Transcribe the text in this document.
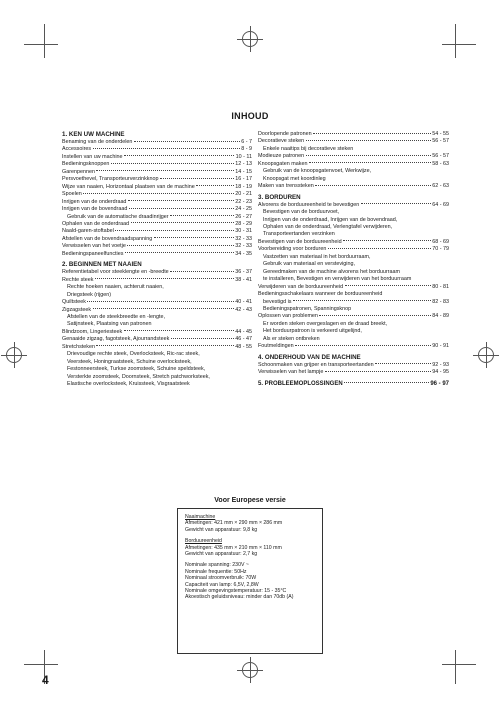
INHOUD
1. KEN UW MACHINE
Benaming van de onderdelen	6 - 7
Accessoires	8 - 9
Instellen van uw machine	10 - 11
Bedieningsknoppen	12 - 13
Garenpennen	14 - 15
Persvoethevel, Transporteurverzinkknop	16 - 17
Wijze van naaien, Horizontaal plaatsen van de machine	18 - 19
Spoelen	20 - 21
Inrijgen van de onderdraad	22 - 23
Inrijgen van de bovendraad	24 - 25
Gebruik van de automatische draadinrijger	26 - 27
Ophalen van de onderdraad	28 - 29
Naald-garen-stoftabel	30 - 31
Afstellen van de bovendraadspanning	32 - 33
Verwisselen van het voetje	32 - 33
Bedieningspaneelfuncties	34 - 35
2. BEGINNEN MET NAAIEN
Referentietabel voor steeklengte en -breedte	36 - 37
Rechte steek	38 - 41
Rechte hoeken naaien, achteruit naaien,
Driegsteek (rijgen)
Quiltsteek	40 - 41
Zigzagsteek	42 - 43
Afstellen van de steekbreedte en -lengte,
Satijnsteek, Plaatsing van patronen
Blindzoom, Lingeriesteek	44 - 45
Genaaide zigzag, fagotsteek, Ajourrandsteek	46 - 47
Stretchsteken	48 - 55
Drievoudige rechte steek, Overlocksteek, Ric-rac steek,
Veersteek, Honingraatsteek, Schuine overlocksteek,
Festonneersteek, Turkse zoomsteek, Schuine speldsteek,
Versterkte zoomsteek, Doornsteek, Stretch patchworksteek,
Elastische overlocksteek, Kruissteek, Visgraatsteek
Doorlopende patronen	54 - 55
Decoratieve steken	56 - 57
Enkele naaitips bij decoratieve steken
Modieuze patronen	56 - 57
Knoopsgaten maken	58 - 63
Gebruik van de knoopsgatenvoet, Werkwijze,
Knoopsgat met koordinleg
Maken van trenssteken	62 - 63
3. BORDUREN
Alvorens de borduureenheid te bevestigen	64 - 69
Bevestigen van de borduurvoet,
Inrijgen van de onderdraad, Inrijgen van de bovendraad,
Ophalen van de onderdraad, Verlengtafel verwijderen,
Transporteertanden verzinken
Bevestigen van de borduureenheid	68 - 69
Voorbereiding voor borduren	70 - 79
Vastzetten van materiaal in het borduurraam,
Gebruik van materiaal en versteviging,
Gereedmaken van de machine alvorens het borduurraam
te installeren, Bevestigen en verwijderen van het borduurraam
Verwijderen van de borduureenheid	80 - 81
Bedieningsschakelaars wanneer de borduureenheid
bevestigd is	82 - 83
Bedieningspatronen, Spanningsknop
Oplossen van problemen	84 - 89
Er worden steken overgeslagen en de draad breekt,
Het borduurpatroon is verkeerd uitgelijnd,
Als er steken ontbreken
Foutmeldingen	90 - 91
4. ONDERHOUD VAN DE MACHINE
Schoonmaken van grijper en transporteertanden	92 - 93
Verwisselen van het lampje	94 - 95
5. PROBLEEMOPLOSSINGEN	96 - 97
Voor Europese versie
Naaimachine
Afmetingen: 421 mm × 290 mm × 286 mm
Gewicht van apparatuur: 9,8 kg
Borduureenheid
Afmetingen: 435 mm × 210 mm × 110 mm
Gewicht van apparatuur: 2,7 kg
Nominale spanning: 230V ~
Nominale frequentie: 50Hz
Nominaal stroomverbruik: 70W
Capaciteit van lamp: 6,5V, 2,8W
Nominale omgevingstemperatuur: 15 - 35°C
Akoestisch geluidsniveau: minder dan 70db (A)
4
